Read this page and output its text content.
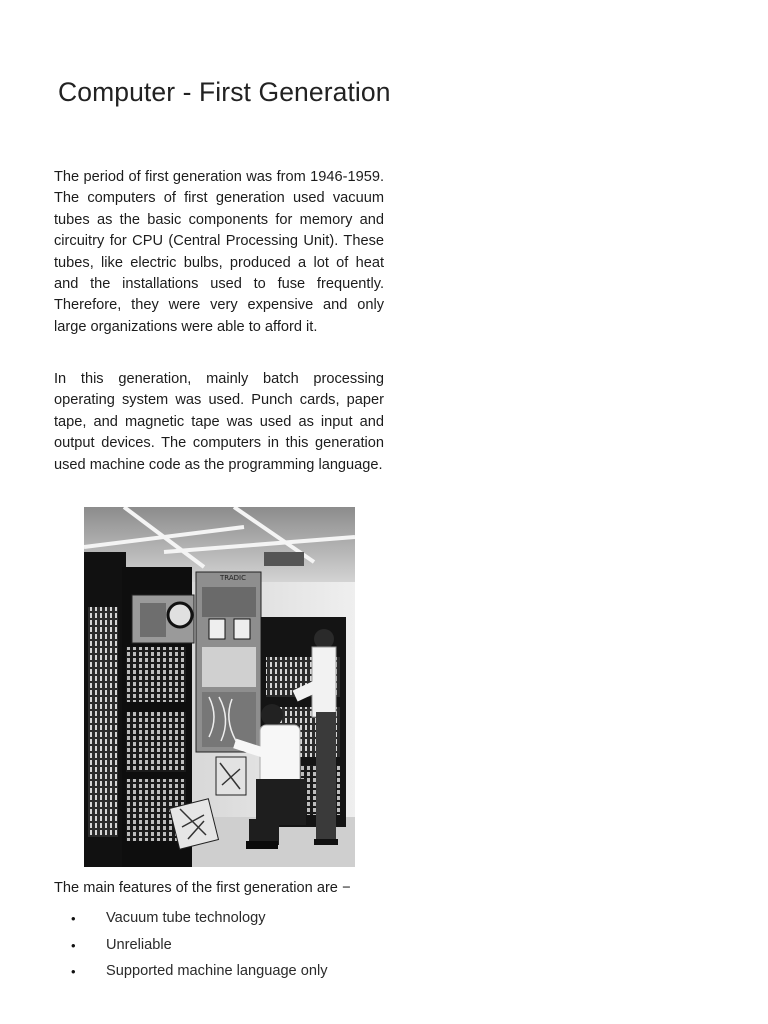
Computer - First Generation

The period of first generation was from 1946-1959. The computers of first generation used vacuum tubes as the basic components for memory and circuitry for CPU (Central Processing Unit). These tubes, like electric bulbs, produced a lot of heat and the installations used to fuse frequently. Therefore, they were very expensive and only large organizations were able to afford it.

In this generation, mainly batch processing operating system was used. Punch cards, paper tape, and magnetic tape was used as input and output devices. The computers in this generation used machine code as the programming language.

TRADIC

The main features of the first generation are −

• Vacuum tube technology
• Unreliable
• Supported machine language only
